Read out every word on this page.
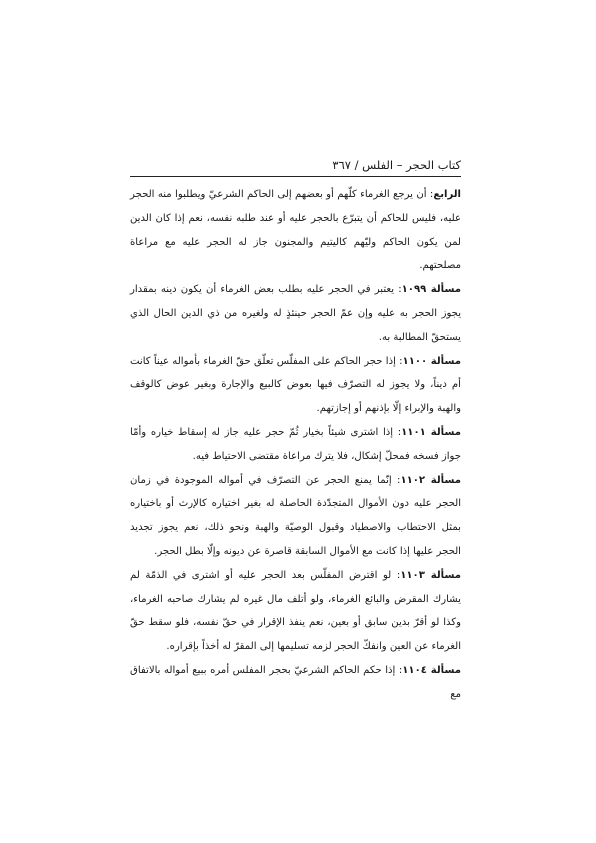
كتاب الحجر – الفلس / ٣٦٧

الرابع: أن يرجع الغرماء كلّهم أو بعضهم إلى الحاكم الشرعيّ ويطلبوا منه الحجر عليه، فليس للحاكم أن يتبرّع بالحجر عليه أو عند طلبه نفسه، نعم إذا كان الدين لمن يكون الحاكم وليّهم كاليتيم والمجنون جاز له الحجر عليه مع مراعاة مصلحتهم.

مسألة ١٠٩٩: يعتبر في الحجر عليه بطلب بعض الغرماء أن يكون دينه بمقدار يجوز الحجر به عليه وإن عمّ الحجر حينئذٍ له ولغيره من ذي الدين الحال الذي يستحقّ المطالبة به.

مسألة ١١٠٠: إذا حجر الحاكم على المفلّس تعلّق حقّ الغرماء بأمواله عيناً كانت أم ديناً، ولا يجوز له التصرّف فيها بعوض كالبيع والإجارة وبغير عوض كالوقف والهبة والإبراء إلّا بإذنهم أو إجازتهم.

مسألة ١١٠١: إذا اشترى شيئاً بخيار ثُمّ حجر عليه جاز له إسقاط خياره وأمّا جواز فسخه فمحلّ إشكال، فلا يترك مراعاة مقتضى الاحتياط فيه.

مسألة ١١٠٢: إنّما يمنع الحجر عن التصرّف في أمواله الموجودة في زمان الحجر عليه دون الأموال المتجدّدة الحاصلة له بغير اختياره كالإرث أو باختياره بمثل الاحتطاب والاصطياد وقبول الوصيّة والهبة ونحو ذلك، نعم يجوز تجديد الحجر عليها إذا كانت مع الأموال السابقة قاصرة عن ديونه وإلّا بطل الحجر.

مسألة ١١٠٣: لو اقترض المفلّس بعد الحجر عليه أو اشترى في الذمّة لم يشارك المقرض والبائع الغرماء، ولو أتلف مال غيره لم يشارك صاحبه الغرماء، وكذا لو أقرّ بدين سابق أو بعين، نعم ينفذ الإقرار في حقّ نفسه، فلو سقط حقّ الغرماء عن العين وانفكّ الحجر لزمه تسليمها إلى المقرّ له أخذاً بإقراره.

مسألة ١١٠٤: إذا حكم الحاكم الشرعيّ بحجر المفلس أمره ببيع أمواله بالاتفاق مع
